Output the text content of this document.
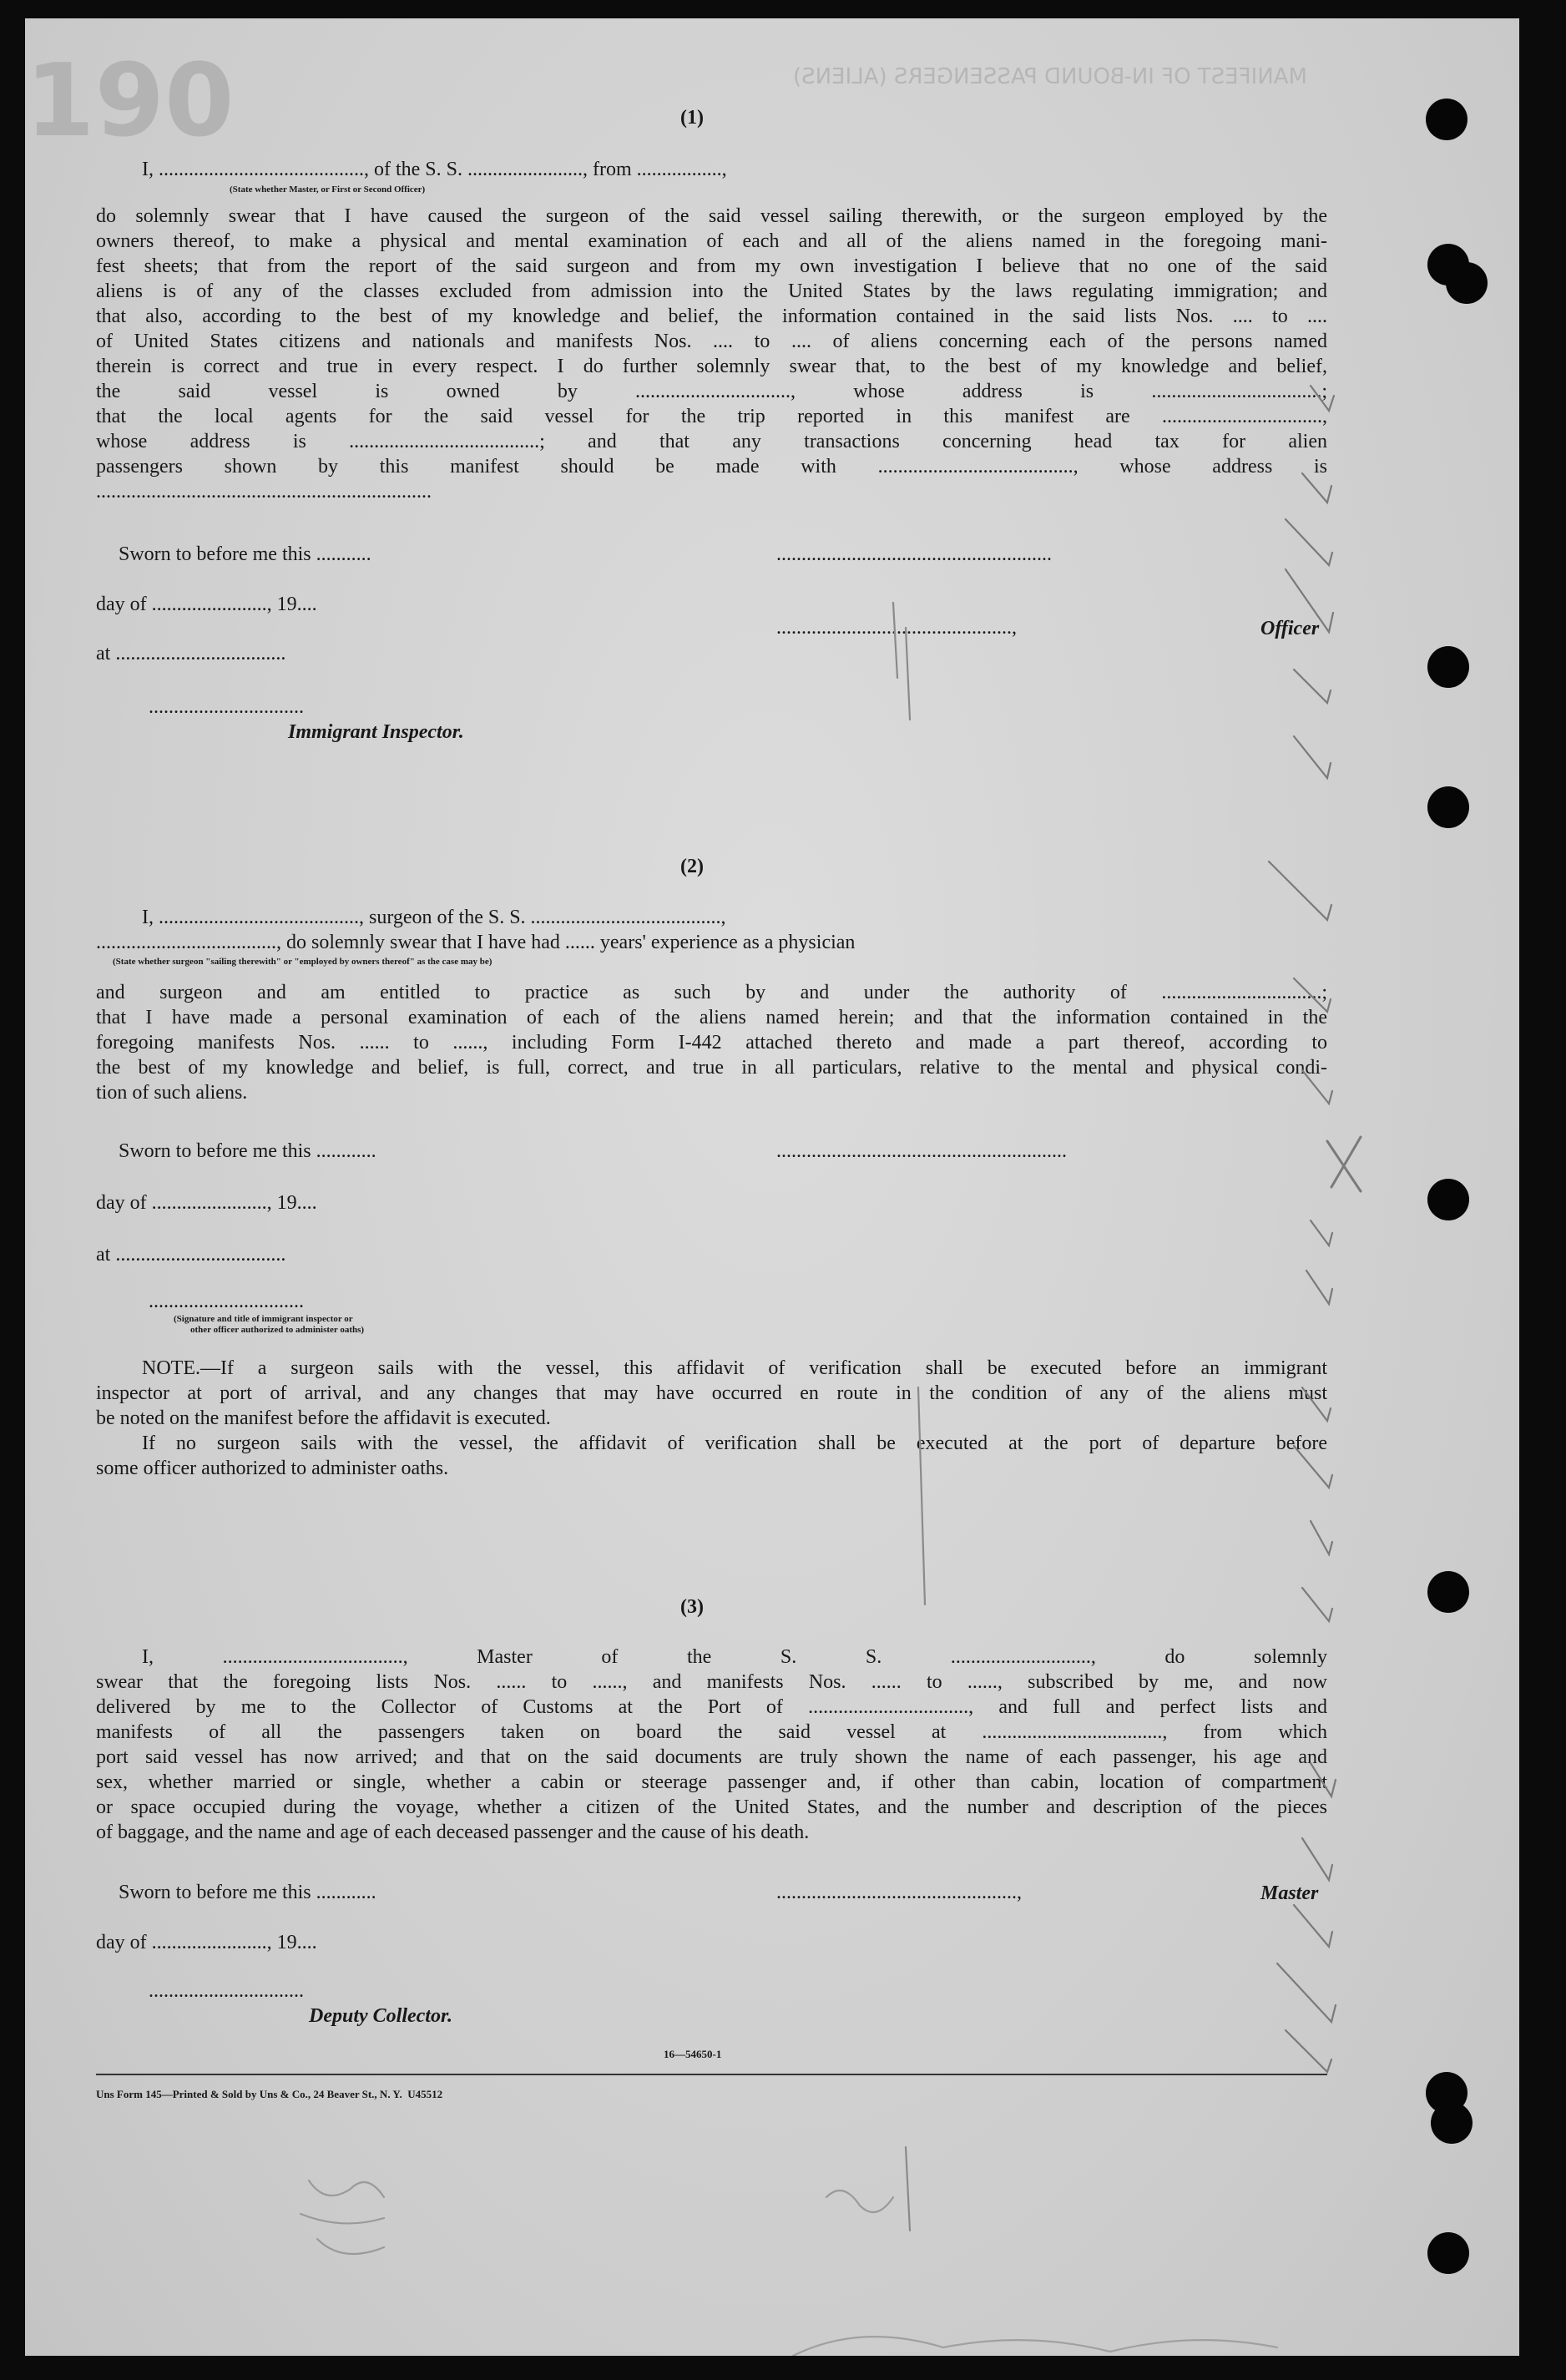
190	MANIFEST OF IN-BOUND PASSENGERS (ALIENS)
(1)
I, ........................................., of the S. S. ......................., from .................,
(State whether Master, or First or Second Officer)
do solemnly swear that I have caused the surgeon of the said vessel sailing therewith, or the surgeon employed by the
owners thereof, to make a physical and mental examination of each and all of the aliens named in the foregoing mani-
fest sheets; that from the report of the said surgeon and from my own investigation I believe that no one of the said
aliens is of any of the classes excluded from admission into the United States by the laws regulating immigration; and
that also, according to the best of my knowledge and belief, the information contained in the said lists Nos. .... to ....
of United States citizens and nationals and manifests Nos. .... to .... of aliens concerning each of the persons named
therein is correct and true in every respect. I do further solemnly swear that, to the best of my knowledge and belief,
the said vessel is owned by ..............................., whose address is ..................................;
that the local agents for the said vessel for the trip reported in this manifest are ................................,
whose address is ......................................; and that any transactions concerning head tax for alien
passengers shown by this manifest should be made with ......................................., whose address is
...................................................................
Sworn to before me this ...........	.......................................................
day of ......................., 19....
...............................................,	Officer
at ..................................
...............................
Immigrant Inspector.
(2)
I, ........................................, surgeon of the S. S. ......................................,
...................................., do solemnly swear that I have had ...... years' experience as a physician
(State whether surgeon "sailing therewith" or "employed by owners thereof" as the case may be)
and surgeon and am entitled to practice as such by and under the authority of ................................;
that I have made a personal examination of each of the aliens named herein; and that the information contained in the
foregoing manifests Nos. ...... to ......, including Form I-442 attached thereto and made a part thereof, according to
the best of my knowledge and belief, is full, correct, and true in all particulars, relative to the mental and physical condi-
tion of such aliens.
Sworn to before me this ............	..........................................................
day of ......................., 19....
at ..................................
...............................
(Signature and title of immigrant inspector or
other officer authorized to administer oaths)
NOTE.—If a surgeon sails with the vessel, this affidavit of verification shall be executed before an immigrant
inspector at port of arrival, and any changes that may have occurred en route in the condition of any of the aliens must
be noted on the manifest before the affidavit is executed.
If no surgeon sails with the vessel, the affidavit of verification shall be executed at the port of departure before
some officer authorized to administer oaths.
(3)
I, ...................................., Master of the S. S. ............................, do solemnly
swear that the foregoing lists Nos. ...... to ......, and manifests Nos. ...... to ......, subscribed by me, and now
delivered by me to the Collector of Customs at the Port of ................................, and full and perfect lists and
manifests of all the passengers taken on board the said vessel at ...................................., from which
port said vessel has now arrived; and that on the said documents are truly shown the name of each passenger, his age and
sex, whether married or single, whether a cabin or steerage passenger and, if other than cabin, location of compartment
or space occupied during the voyage, whether a citizen of the United States, and the number and description of the pieces
of baggage, and the name and age of each deceased passenger and the cause of his death.
Sworn to before me this ............	................................................,	Master
day of ......................., 19....
...............................
Deputy Collector.
16—54650-1
Uns Form 145—Printed & Sold by Uns & Co., 24 Beaver St., N. Y.  U45512
